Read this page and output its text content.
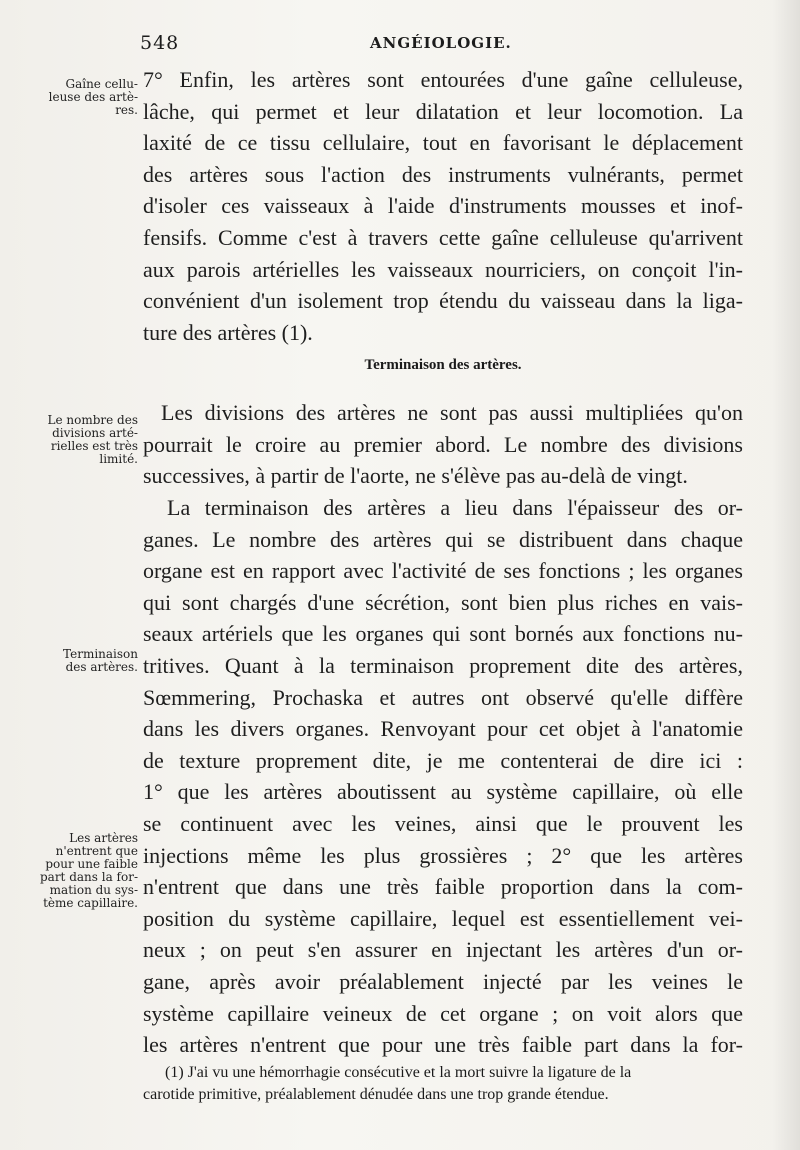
548	ANGÉIOLOGIE.
Gaîne cellu-
leuse des artè-
res.
Le nombre des
divisions arté-
rielles est très
limité.
Terminaison
des artères.
Les artères
n'entrent que
pour une faible
part dans la for-
mation du sys-
tème capillaire.
7° Enfin, les artères sont entourées d'une gaîne celluleuse,
lâche, qui permet et leur dilatation et leur locomotion. La
laxité de ce tissu cellulaire, tout en favorisant le déplacement
des artères sous l'action des instruments vulnérants, permet
d'isoler ces vaisseaux à l'aide d'instruments mousses et inof-
fensifs. Comme c'est à travers cette gaîne celluleuse qu'arrivent
aux parois artérielles les vaisseaux nourriciers, on conçoit l'in-
convénient d'un isolement trop étendu du vaisseau dans la liga-
ture des artères (1).
Terminaison des artères.
Les divisions des artères ne sont pas aussi multipliées qu'on
pourrait le croire au premier abord. Le nombre des divisions
successives, à partir de l'aorte, ne s'élève pas au-delà de vingt.
La terminaison des artères a lieu dans l'épaisseur des or-
ganes. Le nombre des artères qui se distribuent dans chaque
organe est en rapport avec l'activité de ses fonctions ; les organes
qui sont chargés d'une sécrétion, sont bien plus riches en vais-
seaux artériels que les organes qui sont bornés aux fonctions nu-
tritives. Quant à la terminaison proprement dite des artères,
Sœmmering, Prochaska et autres ont observé qu'elle diffère
dans les divers organes. Renvoyant pour cet objet à l'anatomie
de texture proprement dite, je me contenterai de dire ici :
1° que les artères aboutissent au système capillaire, où elle
se continuent avec les veines, ainsi que le prouvent les
injections même les plus grossières ; 2° que les artères
n'entrent que dans une très faible proportion dans la com-
position du système capillaire, lequel est essentiellement vei-
neux ; on peut s'en assurer en injectant les artères d'un or-
gane, après avoir préalablement injecté par les veines le
système capillaire veineux de cet organe ; on voit alors que
les artères n'entrent que pour une très faible part dans la for-
(1) J'ai vu une hémorrhagie consécutive et la mort suivre la ligature de la
carotide primitive, préalablement dénudée dans une trop grande étendue.
